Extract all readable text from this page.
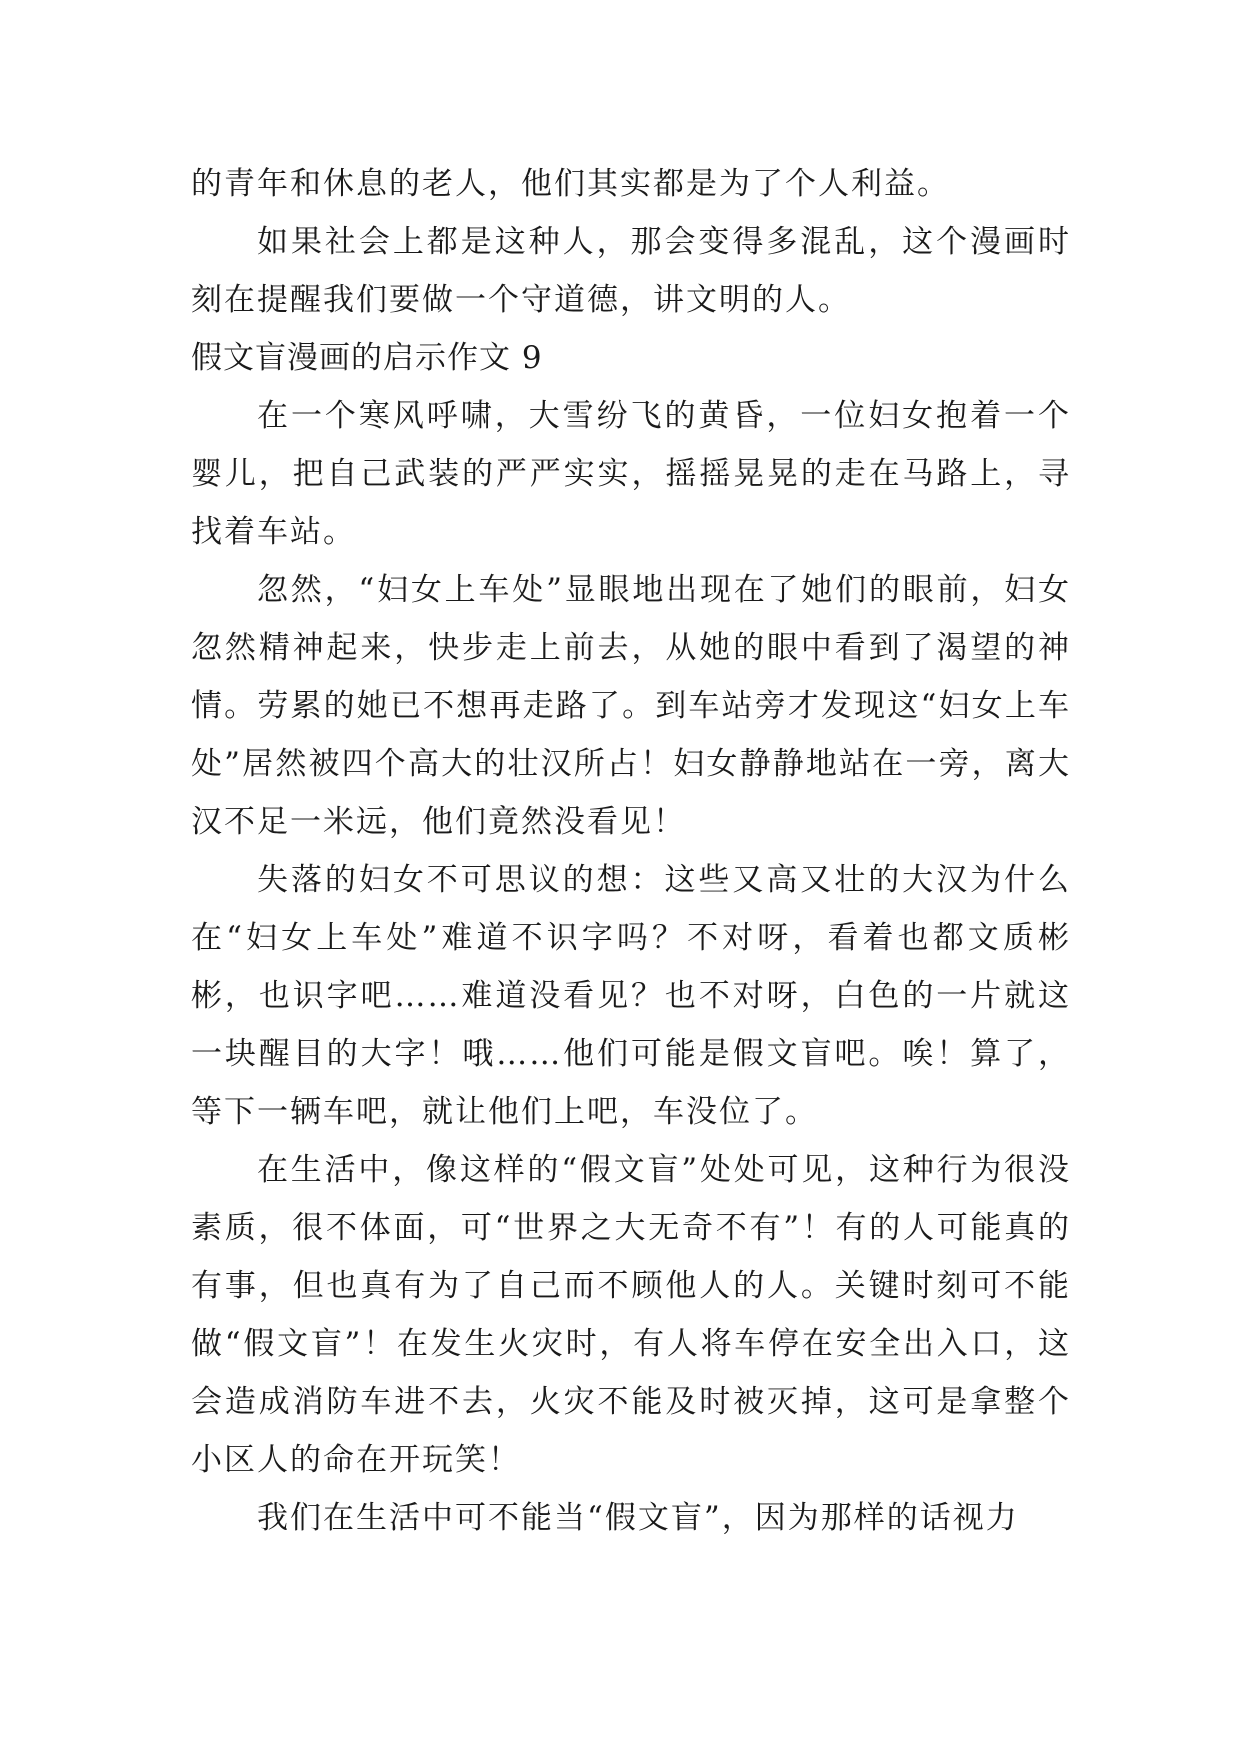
的青年和休息的老人，他们其实都是为了个人利益。

如果社会上都是这种人，那会变得多混乱，这个漫画时刻在提醒我们要做一个守道德，讲文明的人。

假文盲漫画的启示作文 9

在一个寒风呼啸，大雪纷飞的黄昏，一位妇女抱着一个婴儿，把自己武装的严严实实，摇摇晃晃的走在马路上，寻找着车站。

忽然，“妇女上车处”显眼地出现在了她们的眼前，妇女忽然精神起来，快步走上前去，从她的眼中看到了渴望的神情。劳累的她已不想再走路了。到车站旁才发现这“妇女上车处”居然被四个高大的壮汉所占！妇女静静地站在一旁，离大汉不足一米远，他们竟然没看见！

失落的妇女不可思议的想：这些又高又壮的大汉为什么在“妇女上车处”难道不识字吗？不对呀，看着也都文质彬彬，也识字吧……难道没看见？也不对呀，白色的一片就这一块醒目的大字！哦……他们可能是假文盲吧。唉！算了，等下一辆车吧，就让他们上吧，车没位了。

在生活中，像这样的“假文盲”处处可见，这种行为很没素质，很不体面，可“世界之大无奇不有”！有的人可能真的有事，但也真有为了自己而不顾他人的人。关键时刻可不能做“假文盲”！在发生火灾时，有人将车停在安全出入口，这会造成消防车进不去，火灾不能及时被灭掉，这可是拿整个小区人的命在开玩笑！

我们在生活中可不能当“假文盲”，因为那样的话视力
